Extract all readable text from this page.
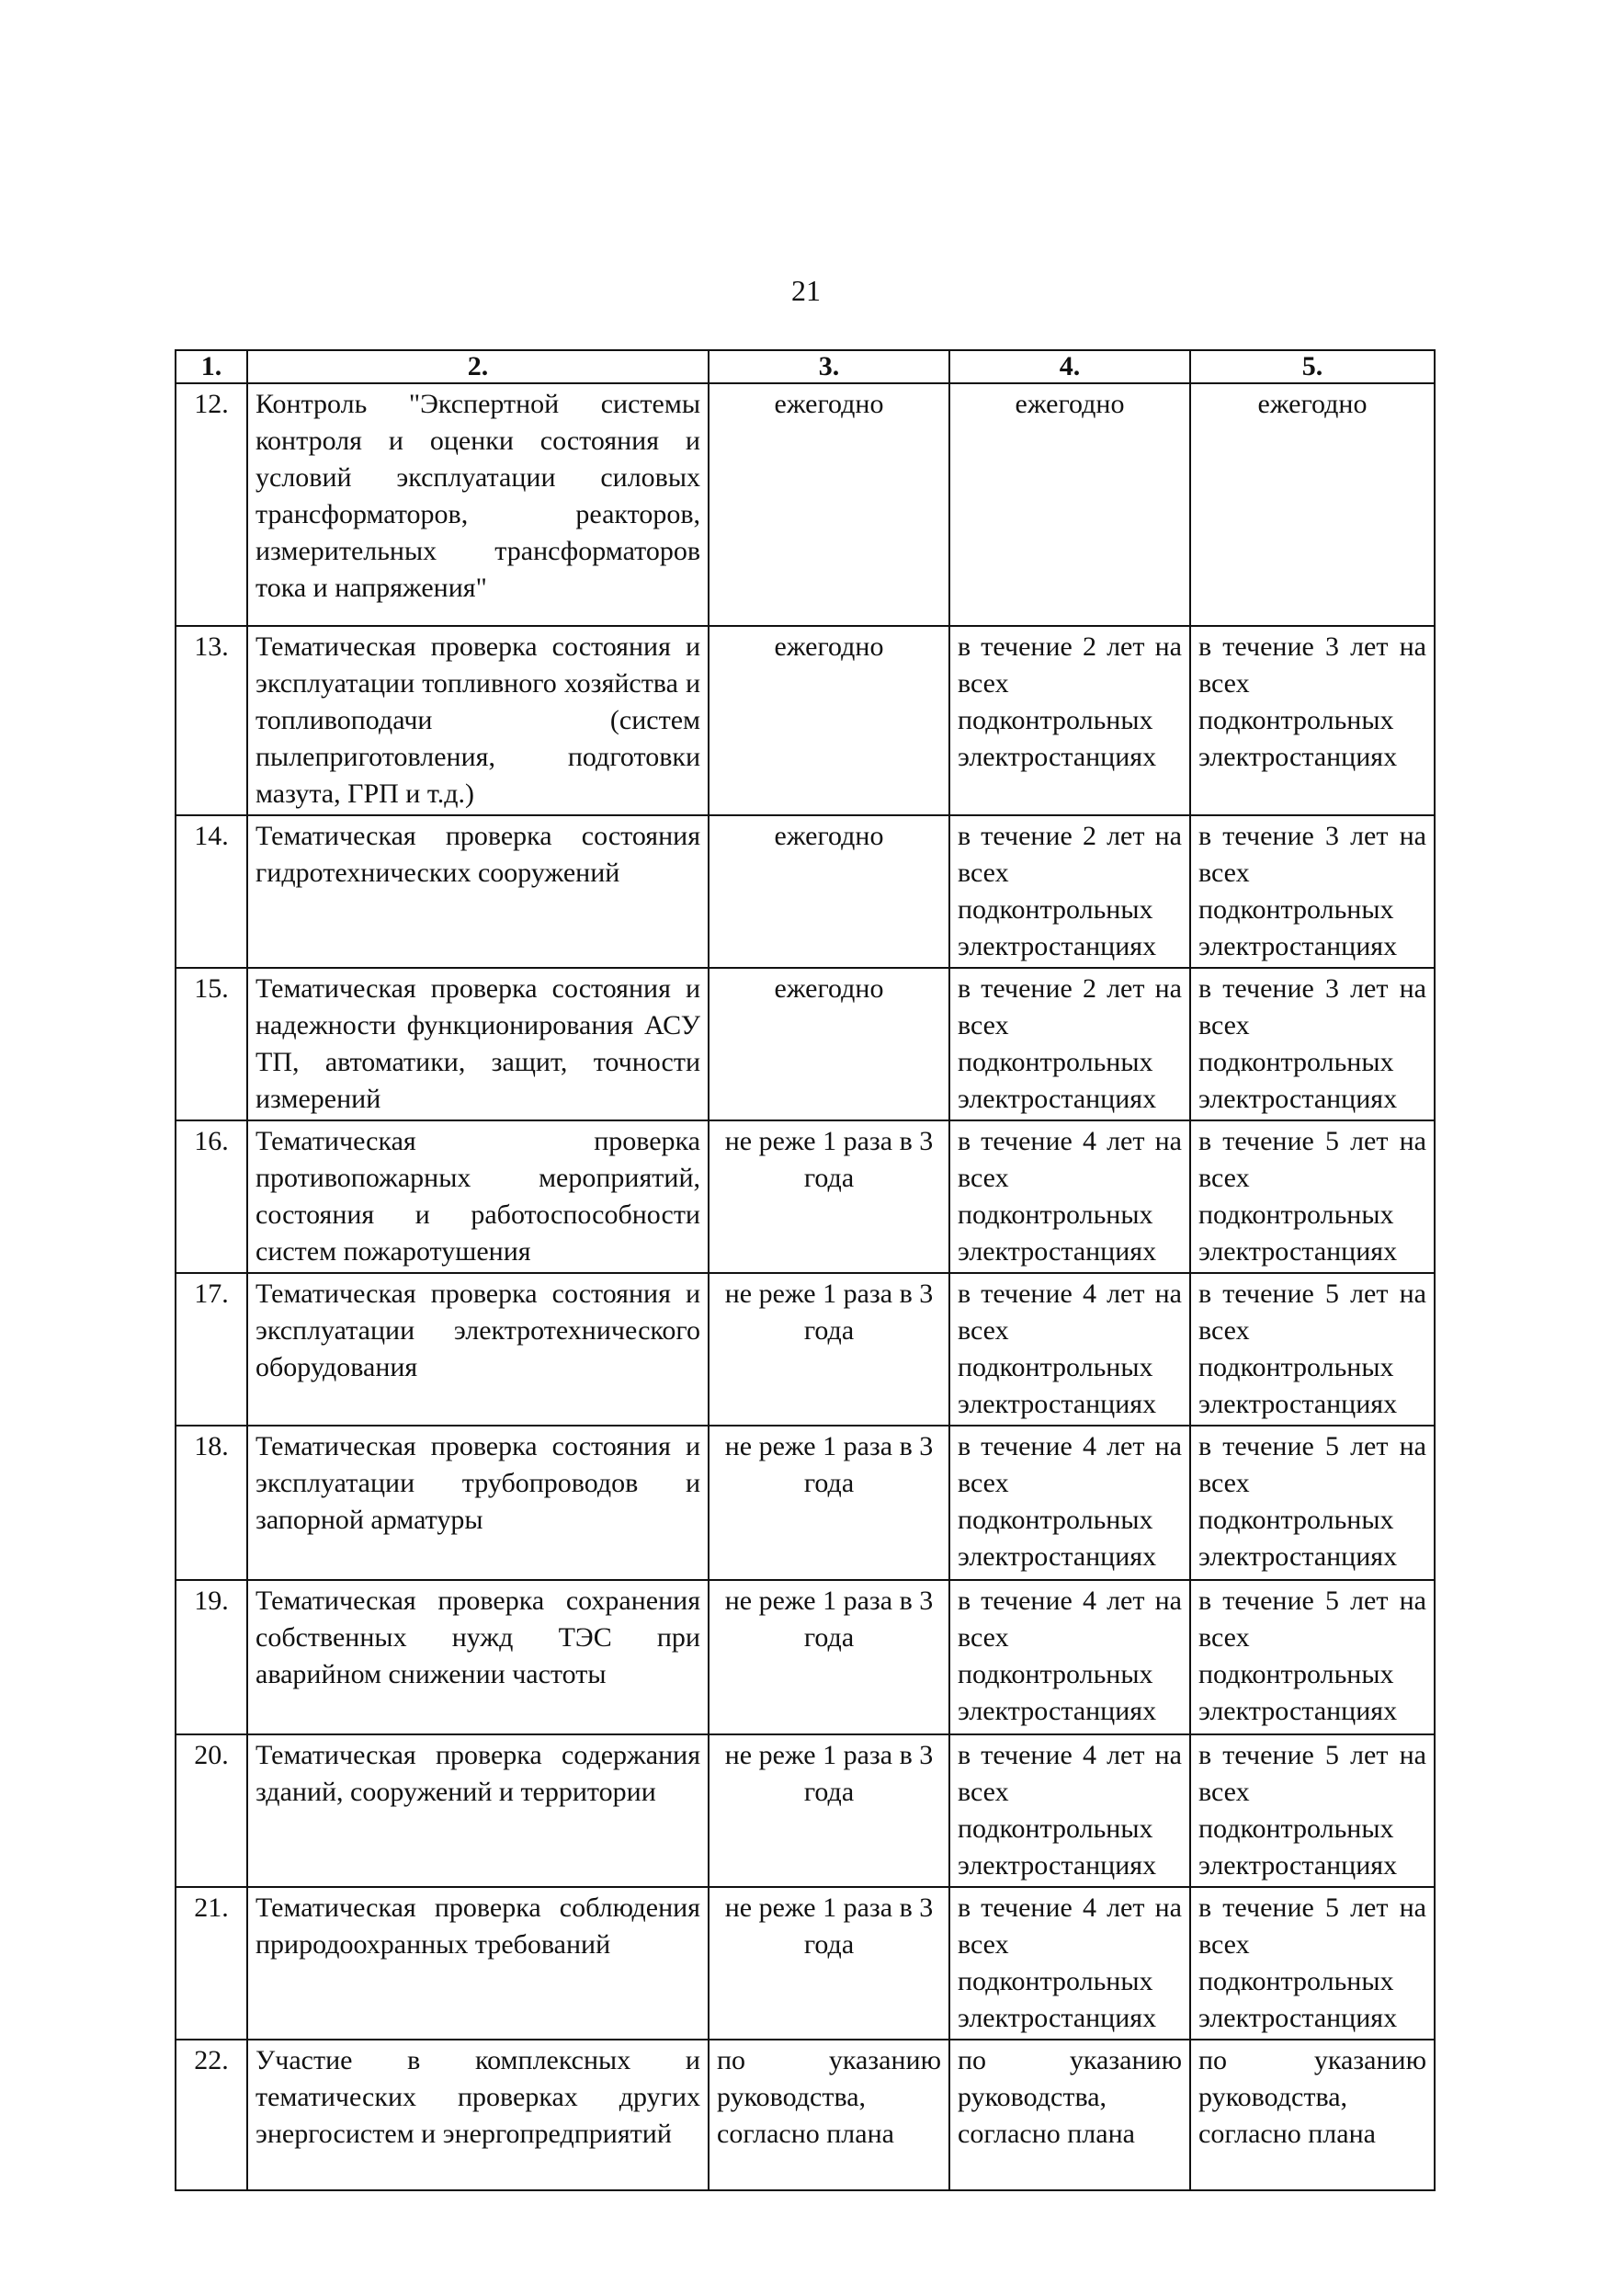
21
1.	2.	3.	4.	5.
12.	Контроль "Экспертной системы контроля и оценки состояния и условий эксплуатации силовых трансформаторов, реакторов, измерительных трансформаторов тока и напряжения"	ежегодно	ежегодно	ежегодно
13.	Тематическая проверка состояния и эксплуатации топливного хозяйства и топливоподачи (систем пылеприготовления, подготовки мазута, ГРП и т.д.)	ежегодно	в течение 2 лет на всех подконтрольных электростанциях	в течение 3 лет на всех подконтрольных электростанциях
14.	Тематическая проверка состояния гидротехнических сооружений	ежегодно	в течение 2 лет на всех подконтрольных электростанциях	в течение 3 лет на всех подконтрольных электростанциях
15.	Тематическая проверка состояния и надежности функционирования АСУ ТП, автоматики, защит, точности измерений	ежегодно	в течение 2 лет на всех подконтрольных электростанциях	в течение 3 лет на всех подконтрольных электростанциях
16.	Тематическая проверка противопожарных мероприятий, состояния и работоспособности систем пожаротушения	не реже 1 раза в 3 года	в течение 4 лет на всех подконтрольных электростанциях	в течение 5 лет на всех подконтрольных электростанциях
17.	Тематическая проверка состояния и эксплуатации электротехнического оборудования	не реже 1 раза в 3 года	в течение 4 лет на всех подконтрольных электростанциях	в течение 5 лет на всех подконтрольных электростанциях
18.	Тематическая проверка состояния и эксплуатации трубопроводов и запорной арматуры	не реже 1 раза в 3 года	в течение 4 лет на всех подконтрольных электростанциях	в течение 5 лет на всех подконтрольных электростанциях
19.	Тематическая проверка сохранения собственных нужд ТЭС при аварийном снижении частоты	не реже 1 раза в 3 года	в течение 4 лет на всех подконтрольных электростанциях	в течение 5 лет на всех подконтрольных электростанциях
20.	Тематическая проверка содержания зданий, сооружений и территории	не реже 1 раза в 3 года	в течение 4 лет на всех подконтрольных электростанциях	в течение 5 лет на всех подконтрольных электростанциях
21.	Тематическая проверка соблюдения природоохранных требований	не реже 1 раза в 3 года	в течение 4 лет на всех подконтрольных электростанциях	в течение 5 лет на всех подконтрольных электростанциях
22.	Участие в комплексных и тематических проверках других энергосистем и энергопредприятий	по указанию руководства, согласно плана	по указанию руководства, согласно плана	по указанию руководства, согласно плана
